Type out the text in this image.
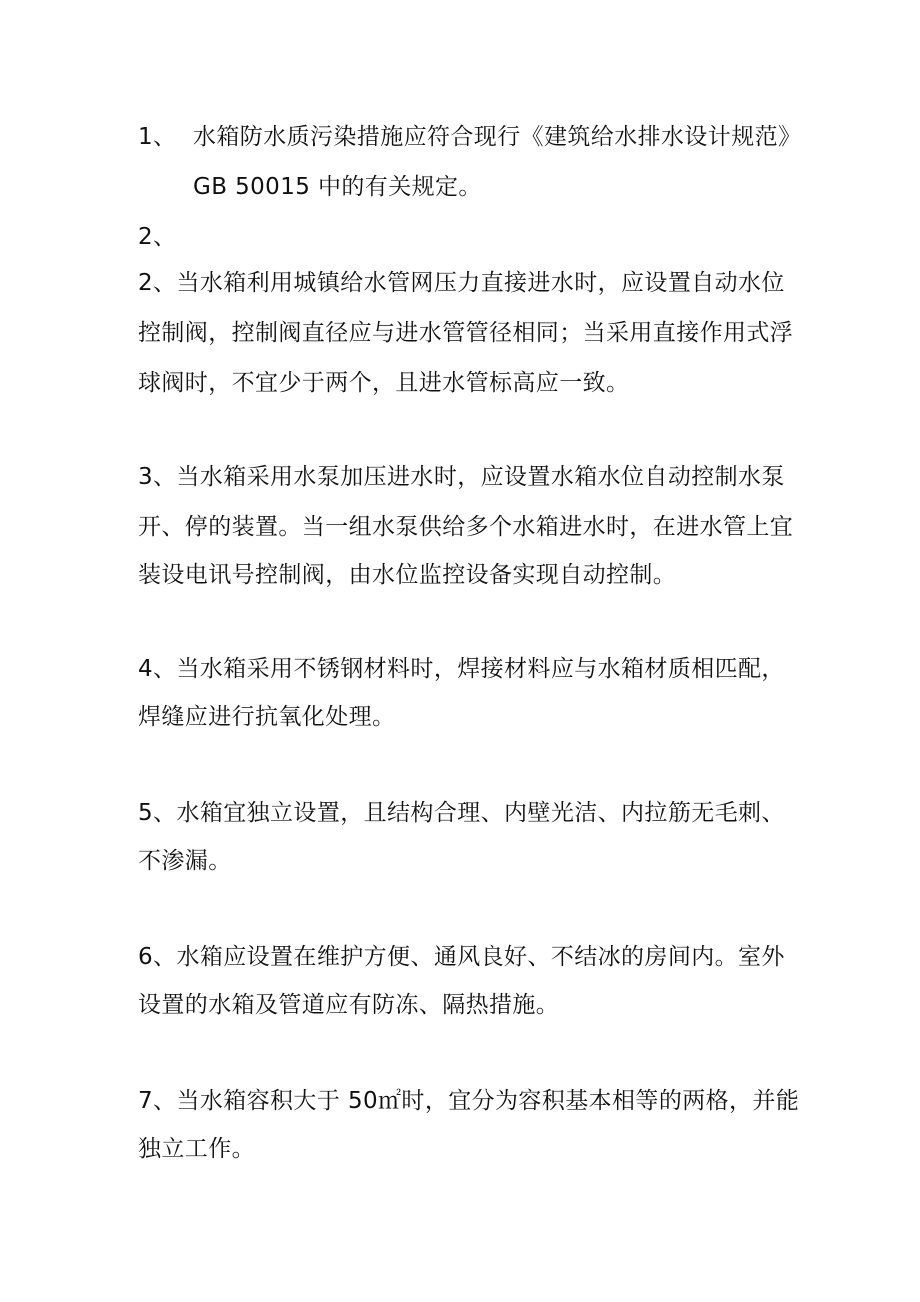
1、 水箱防水质污染措施应符合现行《建筑给水排水设计规范》
GB 50015 中的有关规定。
2、
2、当水箱利用城镇给水管网压力直接进水时，应设置自动水位
控制阀，控制阀直径应与进水管管径相同；当采用直接作用式浮
球阀时，不宜少于两个，且进水管标高应一致。
3、当水箱采用水泵加压进水时，应设置水箱水位自动控制水泵
开、停的装置。当一组水泵供给多个水箱进水时，在进水管上宜
装设电讯号控制阀，由水位监控设备实现自动控制。
4、当水箱采用不锈钢材料时，焊接材料应与水箱材质相匹配，
焊缝应进行抗氧化处理。
5、水箱宜独立设置，且结构合理、内壁光洁、内拉筋无毛刺、
不渗漏。
6、水箱应设置在维护方便、通风良好、不结冰的房间内。室外
设置的水箱及管道应有防冻、隔热措施。
7、当水箱容积大于 50㎡时，宜分为容积基本相等的两格，并能
独立工作。
